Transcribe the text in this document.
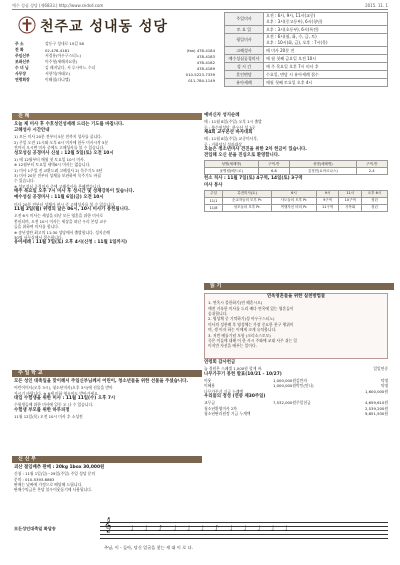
예수 성심 성당 (제683호) http://www.sndsd.com	2015. 11. 1
천주교 성내동 성당
주 소	강동구 성내로 15길 58	
전 화	02-478-4181	(fax) 478-4184
주임신부	서경룡(아우구스티노)	478-4183
보좌신부	이주형(세례자요한)	478-4182
수 녀 님	김 레지날다, 서 루시아느 수녀	478-4189
사무장	서향석(마태오)	010-5223-7339
연령회장	이해철(다니엘)	011-784-1149
주일미사	오전 : 6시, 9시, 11시(교중)
오후 : 3시(중고등부), 6시(청년)
토 요 일	오후 : 3시(초등부), 6시(특전)
평일미사	오전 : 6시(월, 화, 수, 금, 토)
오후 : 10시(화, 금), 오후 : 7시(목)
고해성사	매 미사 20분 전
예수성심공경미사	매 월 첫째 금요일 오전 10시
성 시 간	매 주 목요일 오후 7시 미사 후
혼인면담	수요일, 면담 시 유아세례 접수
유아세례	매월 첫째 토요일 오후 4시
진 례
오늘 제 미사 후 수호성인성세례 드리는 기도를 바칩니다.
고해성사 시간안내
1) 모든 미사 20분 전부터 5분 전까지 성사를 줍니다.
2) 주일 오전 11시와 오후 6시 미사에 한두 미사시작 5분
전까지 오시면 미사 중에도 고해성사를 볼 수 있습니다.
성모성심 공경미사 신설 : 12월 5일(토) 오전 10시
1) 매 12월부터 매월 첫 토요일 10시 미사.
※ 12월부터 토요일 새벽6시 미사는 없습니다.
1) 미사 1주일 전 교환드려 고해성사 2) 묵주기도 5단
3) 미사 20분 전부터 성체를 보관하여 묵주기도 바칠
수 있습니다.
※ 성모성심 공경미사 중에 고해성사를 은혜받습니다.
매주 목요일 오후 7시 미사 후 성시간 및 성체강복이 있습니다.
예수성심 공경미사 : 11월 6일(금) 오전 10시
미사 20분 전부터 성체가 현시 중 고해성사를 볼 수 있습니다.
11월 2일(월) 위령의 날은 06시, 10시 미사가 봉헌됩니다.
오전 6시 미사는 세상을 떠난 모든 영혼을 위한 미사로
봉헌되며, 오전 10시 미사는 세상을 떠난 우리 본당 교우
들을 위하여 미사를 합니다.
※ 송년성탄 최고의 11:30 성당에서 출발합니다. 성지순례
30명 사무실에서 접수합니다.
유아세례 : 11월 7일(토) 오후 4시(신청 : 11월 1일까지)
주 일 학 교
모든 성인 대축일을 맞이해서 주일신부님께서 어린이, 청소년들을 위한 선물을 주셨습니다.
어린이미사(오후 3시), 청소년미사(오후 3시)에 선물을 받아
가시기 바랍니다. ※ 6세 이하 영유아도 받아가세요.
대입 수험생을 위한 미사 : 11월 11일(수) 오후 7시
수험생들께 위한 미사에 일동 오 나 수 있습니다.
수험생 부모를 위한 하루피정
11월 12일(목) 오전 10시 미사 후 소성전
신 신 부
괴산 절임배추 판매 : 20kg 1box 30,000원
신청 : 11월 1일(일)~29일(주일) 주일 성당 문의
문의 : 010-5393-6863
판매는 날짜에 가정으로 배달해 드립니다.
판매수익금은 본당 불우이웃돕기에 사용됩니다.
예비신자 성지순례
매 : 11월 8일(주일) 오후 1시 출발
곳 : 풍수원성당, 한우산 성 3곳
제4회 교우본산 바자대회
때 : 11월 8일(주일) 교중미사후,
곳 : 거화당실 성과대상
오늘은 청소년미사 견진을 위한 2차 헌금이 있습니다.
전입해 오신 분을 진심으로 환영합니다.
성명(세례명)	구역-반	성명(세례명)	구역-반
윤병렬(베드로)	6-8	김정민(요아르나스)	2-4
헌소 칙사 : 11월 7일(토) 4구역, 14일(토) 3구역
미사 봉사
주일	특전미사(토)	6시	9시	11시	오후 6시
11/1	순교자들의 모후 Pr.	사도들의 모후 Pr.	9구역	10구역	청년
11/8	성모들의 모후 Pr.	여행자신 비의 Pr.	11구역	사목회	청년
읽 기
연옥영혼들을 위한 실천방법들
1. 연옥시 불한하기(연 해혼시오)
예전 거룩한 미사를 드리 배다 연옥에 있는 영혼들이
숨쉬합니다.
2. 영성체 중 기억하기(성 아우구스티노)
미사의 성찬례 후 영성체는 가장 중요한 찬구 행위이
며, 생 이자 하는 이에게 크게 유익합니다.
3. 저번 배를기념 모함 (크리소스토모)
죽은 이들에 대해 이 한 사시 주와에 교대 사주 쉬는 일
이지만 자선을 배푸는 일이다.
연령회 감사헌금
늘 경원은 스페셀 1,000원 할게 바.	일일연중
나무가꾸기 봉헌 발표(10/21 - 10/27)
이웃	1,000,000원 김만자	익명
이혜용	1,000,000원 박인(안나)	익명
나무가꾸기 기금 누계액	1,600,000원
우리들의 정성 (연중 제30주일)
교무금	7,532,000원 주일헌금	4,659,610원
청소년환영미사 2차	2,539,200원
청소년판리원정 기금 누계액	9,851,930원
모든성인대축일 화답송	𝄞 ♩♩♪♩♩♩♪♩♩♩♩♩
주님, 이 - 들아, 당신 얼굴을 찾는 세 대 이 로 다.
